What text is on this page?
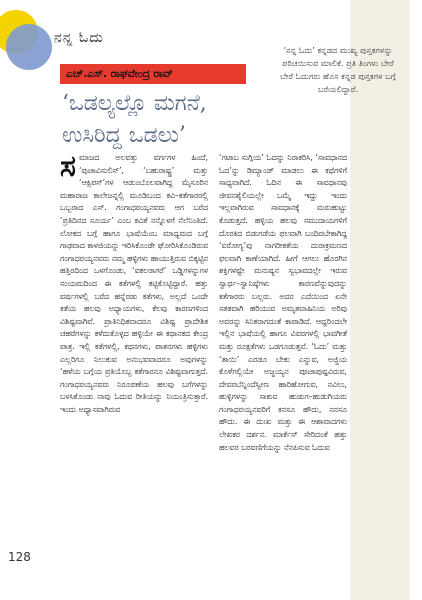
ನನ್ನ ಓದು
ಎಚ್.ಎಸ್. ರಾಘವೇಂದ್ರ ರಾವ್
‘ಒಡಲ್ಯಲ್ಲೊ ಮಗನೆ,
ಉಸಿರಿದ್ದ ಒಡಲು’
‘ನನ್ನ ಓದು’ ಕನ್ನಡದ ಮುಖ್ಯ ಪುಸ್ತಕಗಳನ್ನು ಪರಿಚಯಿಸುವ ಮಾಲಿಕೆ. ಪ್ರತಿ ತಿಂಗಳು ಬೇರೆ ಬೇರೆ ಓದುಗರು ಹೊಸ ಕನ್ನಡ ಪುಸ್ತಕಗಳ ಬಗ್ಗೆ ಬರೆಯಲಿದ್ದಾರೆ.
ಸ ಮಾಜದ ಅಲವತ್ತು ವರ್ಗಗಳ ಹಿಂದೆ, ‘ಪುಜಾವಿಸುಲಿಸ್’, ‘ಬಹುರಾಷ್ಟ್ರ’ ಮತ್ತು ‘ಆಕ್ಸಿಪಸ್’ಗಳ ಆಡುಂಬೊಲವಾಗಿದ್ದ ಮೈಸೂರಿನ ಮಹಾರಾಜ ಕಾಲೇಜನ್ನಲ್ಲಿ ಮೂಡಿಬಂದ ಕವಿ–ಕತೆಗಾರರಲ್ಲಿ ಒಬ್ಬರಾದ ಎಸ್. ಗಂಗಾಧರಯ್ಯನವರು ಆಗ ಬರೆದ ‘ಪ್ರತಿದಿನದ ಸೂರ್ಯ’ ಎಂಬ ಕವಿತೆ ನನ್ನೊಳಗೆ ನೆಲೆನಿಂತಿದೆ. ಲೋಕದ ಬಗ್ಗೆ ಹಾಗೂ ಭಾಷೆಯೆಂಬ ಮಾಧ್ಯಮದ ಬಗ್ಗೆ ಗಾಢವಾದ ಕಾಳಜಿಯನ್ನು ಇರಿಸಿಕೊಂಡೇ ಘೋರಿಸಿಕೊಂಡಿರುವ ಗಂಗಾಧರಯ್ಯನವರು ನಮ್ಮ ಹಳ್ಳಿಗಳು ಹಾಯುತ್ತಿರುವ ಬಿಕ್ಕಟ್ಟಿನ ಹತ್ತಿರದಿಂದ ಒಳಗೊಂಡು, ‘ವಕಲರಾಗರೆ’ ಒಡ್ಡಿಗಳನ್ನುಗಳ ಸಂಯಮದಿಂದ ಈ ಕತೆಗಳಲ್ಲಿ ಕಟ್ಟಿಕೊಟ್ಟಿದ್ದಾರೆ. ಹತ್ತು ವರ್ಷಗಳಲ್ಲಿ ಬರೆದ ಹನ್ನೆರಡು ಕತೆಗಳು, ಅಲ್ಲದೆ ಒಂದೇ ಕತೆಯ ಹಲವು ಅಧ್ಯಾಯಗಳು, ಕೆಲವು ಕಾರಣಗಳಿಂದ ವಿಶಿಷ್ಟವಾಗಿವೆ. ಪ್ರಾತಿನಿಧಿಕವಾದರೂ ವಿಶಿಷ್ಟ ಪ್ರಾದೇಶಿಕ ಚಹರೆಗಳನ್ನು ಕಳೆದುಕೊಳ್ಳದ ಹಳ್ಳಿಯೇ ಈ ಕಥಾನಕದ ಕೇಂದ್ರ ಪಾತ್ರ. ಇಲ್ಲಿ ಕತೆಗಳಲ್ಲಿ, ಕಥನಗಳು, ಪಾತನಗಳು ಹಳ್ಳಿಗಳು ಎಲ್ಲರಿಗೂ ನಿಲುಕುವ ಅನುಭವವಾದರೂ ಅವುಗಳನ್ನು ‘ಹಳೆಯ ಬಗ್ಗೆಯ ಪ್ರತಿಯೊಬ್ಬ ಕತೆಗಾರನೂ ವಿಶಿಷ್ಟವಾಗುತ್ತದೆ. ಗಂಗಾಧರಯ್ಯನವರು ನಿರೂಪಣೆಯ ಹಲವು ಬಗೆಗಳನ್ನು ಬಳಸಿಕೊಂಡು ನಾವು ಓದುವ ರೀತಿಯನ್ನು ನಿಯಂತ್ರಿಸುತ್ತಾರೆ. ಇಂದು ಅಧ್ಯಾಸವಾಗಿರುವ
‘ಗಟಾಬ ಸುಗ್ಗಿಯ’ ಓದನ್ನು ನಿರಾಕರಿಸಿ, ‘ಸಾವಧಾನದ ಓದ’ನ್ನು ಡಿಮ್ಯಾಂಡ್ ಮಾಡಲು ಈ ಕಥೆಗಳಿಗೆ ಸಾಧ್ಯವಾಗಿದೆ. ಓದಿನ ಈ ಸಾವಧಾನವು ಜೀವನಶೈಲಿಯಲ್ಲೇ ಒಮ್ಮೆ ಇದ್ದು ಇಂದು ಇಲ್ಲವಾಗಿರುವ ಸಾವಧಾನಕ್ಕೆ ಮರುಹುಟ್ಟು ಕೊಡುತ್ತದೆ. ಹಳ್ಳಿಯ ಹಲವು ಸಮುದಾಯಗಳಿಗೆ ದೊರಕಿದ ಬಿಡುಗಡೆಯ ಫಲವಾಗಿ ಬಂದಿರಬೇಕಾಗಿದ್ದ ‘ಐರೋಗ್ಯ’ವು ನಾಗರೀಕತೆಯ ದುರಾಕ್ರಮಣದ ಫಲವಾಗಿ ಕಾಣೆಯಾಗಿದೆ. ಹೀಗೆ ಆಗಲು ಹೊರಗಿನ ಶಕ್ತಿಗಳಷ್ಟೇ ಮನುಷ್ಯನ ಸ್ವಭಾವದಲ್ಲೇ ಇರುವ ಸ್ವಾರ್ಥ–ಸ್ವಾನಿಷ್ಠೆಗಳು ಕಾರಣವೆನ್ನುವುದನ್ನು ಕತೆಗಾರರು ಬಲ್ಲರು. ಅದರ ಎದೆಯಿಂದ ಏನೇ ಸತತವಾಗಿ ಹರಿಯುವ ಅಮೃತವಾಹಿನಿಯ ಅರಿವು ಅವರನ್ನು ಸಿನಿಕರಾಗದಂತೆ ಕಾಪಾಡಿದೆ. ಆದ್ದರಿಂದಲೇ ಇಲ್ಲಿನ ಭಾಷೆಯಲ್ಲಿ ಹಾಗೂ ವಿವರಗಳಲ್ಲಿ ಭಾವಗೀತೆ ಮತ್ತು ರೂಕ್ಷತೆಗಳು ಒಡಗೂಡುತ್ತವೆ. ‘ಓದು’ ಮತ್ತು ‘ತಾಯಿ’ ಎರಡೂ ಬೇಕು ಎನ್ನುವ, ಅಜ್ಜಿಯ ಕೊಳೆಗಲ್ಲಿಯೇ ಅಜ್ಜಯ್ಯನ ಪೂಜಾಪುಷ್ಪವಿರುವ, ದೇವರಬೆನ್ನಿಂದೆಸ್ವೀಣ ಹಾರಿಹೋಗುವ, ನವಿಲು, ಹುಳ್ಳಿಗಳನ್ನು ಸಾಕುವ ಹುಡುಗ–ಹುಡುಗಿಯರು ಗಂಗಾಧರಯ್ಯನವರಿಗೆ ಕನಸೂ ಹೌದು, ನನಸೂ ಹೌದು. ಈ ದುಃಖ ಮತ್ತು ಈ ಆಶಾವಾದಗಳು ಲೇಖಕರ ದರ್ಶನ. ಮಾರ್ಕೆಸ್ ಸೇರಿದಂತೆ ಹತ್ತು ಹಲವರ ಬರವಣಿಗೆಯನ್ನು ನೆನಪಿಸುವ ಓದುವ
128
